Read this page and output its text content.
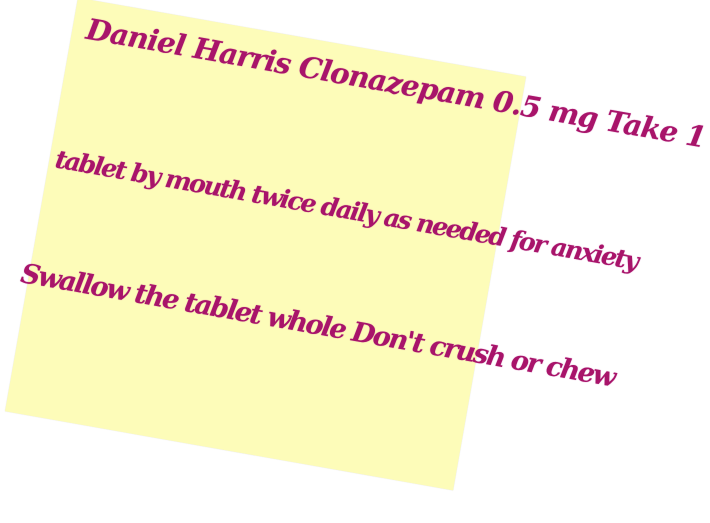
Daniel Harris Clonazepam 0.5 mg Take 1
tablet by mouth twice daily as needed for anxiety
Swallow the tablet whole Don't crush or chew
